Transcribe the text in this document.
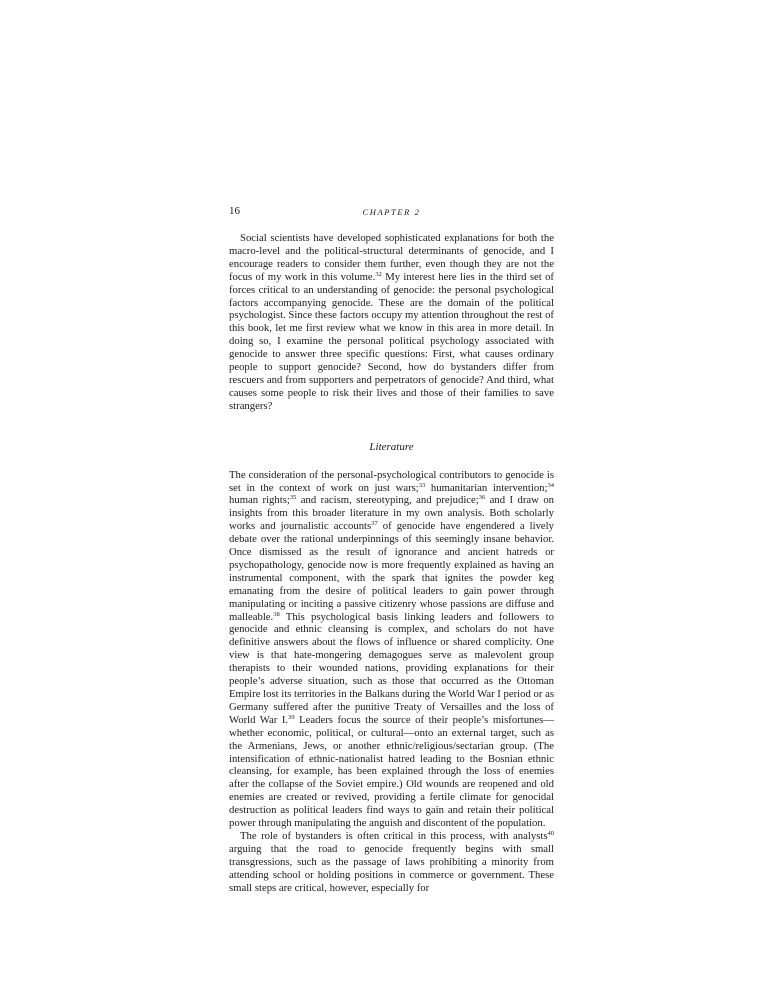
16	CHAPTER 2

Social scientists have developed sophisticated explanations for both the macro-level and the political-structural determinants of genocide, and I encourage readers to consider them further, even though they are not the focus of my work in this volume.$^{32}$ My interest here lies in the third set of forces critical to an understanding of genocide: the personal psychological factors accompanying genocide. These are the domain of the political psychologist. Since these factors occupy my attention throughout the rest of this book, let me first review what we know in this area in more detail. In doing so, I examine the personal political psychology associated with genocide to answer three specific questions: First, what causes ordinary people to support genocide? Second, how do bystanders differ from rescuers and from supporters and perpetrators of genocide? And third, what causes some people to risk their lives and those of their families to save strangers?

Literature

The consideration of the personal-psychological contributors to genocide is set in the context of work on just wars;$^{33}$ humanitarian intervention;$^{34}$ human rights;$^{35}$ and racism, stereotyping, and prejudice;$^{36}$ and I draw on insights from this broader literature in my own analysis. Both scholarly works and journalistic accounts$^{37}$ of genocide have engendered a lively debate over the rational underpinnings of this seemingly insane behavior. Once dismissed as the result of ignorance and ancient hatreds or psychopathology, genocide now is more frequently explained as having an instrumental component, with the spark that ignites the powder keg emanating from the desire of political leaders to gain power through manipulating or inciting a passive citizenry whose passions are diffuse and malleable.$^{38}$ This psychological basis linking leaders and followers to genocide and ethnic cleansing is complex, and scholars do not have definitive answers about the flows of influence or shared complicity. One view is that hate-mongering demagogues serve as malevolent group therapists to their wounded nations, providing explanations for their people’s adverse situation, such as those that occurred as the Ottoman Empire lost its territories in the Balkans during the World War I period or as Germany suffered after the punitive Treaty of Versailles and the loss of World War I.$^{39}$ Leaders focus the source of their people’s misfortunes—whether economic, political, or cultural—onto an external target, such as the Armenians, Jews, or another ethnic/religious/sectarian group. (The intensification of ethnic-nationalist hatred leading to the Bosnian ethnic cleansing, for example, has been explained through the loss of enemies after the collapse of the Soviet empire.) Old wounds are reopened and old enemies are created or revived, providing a fertile climate for genocidal destruction as political leaders find ways to gain and retain their political power through manipulating the anguish and discontent of the population.

The role of bystanders is often critical in this process, with analysts$^{40}$ arguing that the road to genocide frequently begins with small transgressions, such as the passage of laws prohibiting a minority from attending school or holding positions in commerce or government. These small steps are critical, however, especially for
